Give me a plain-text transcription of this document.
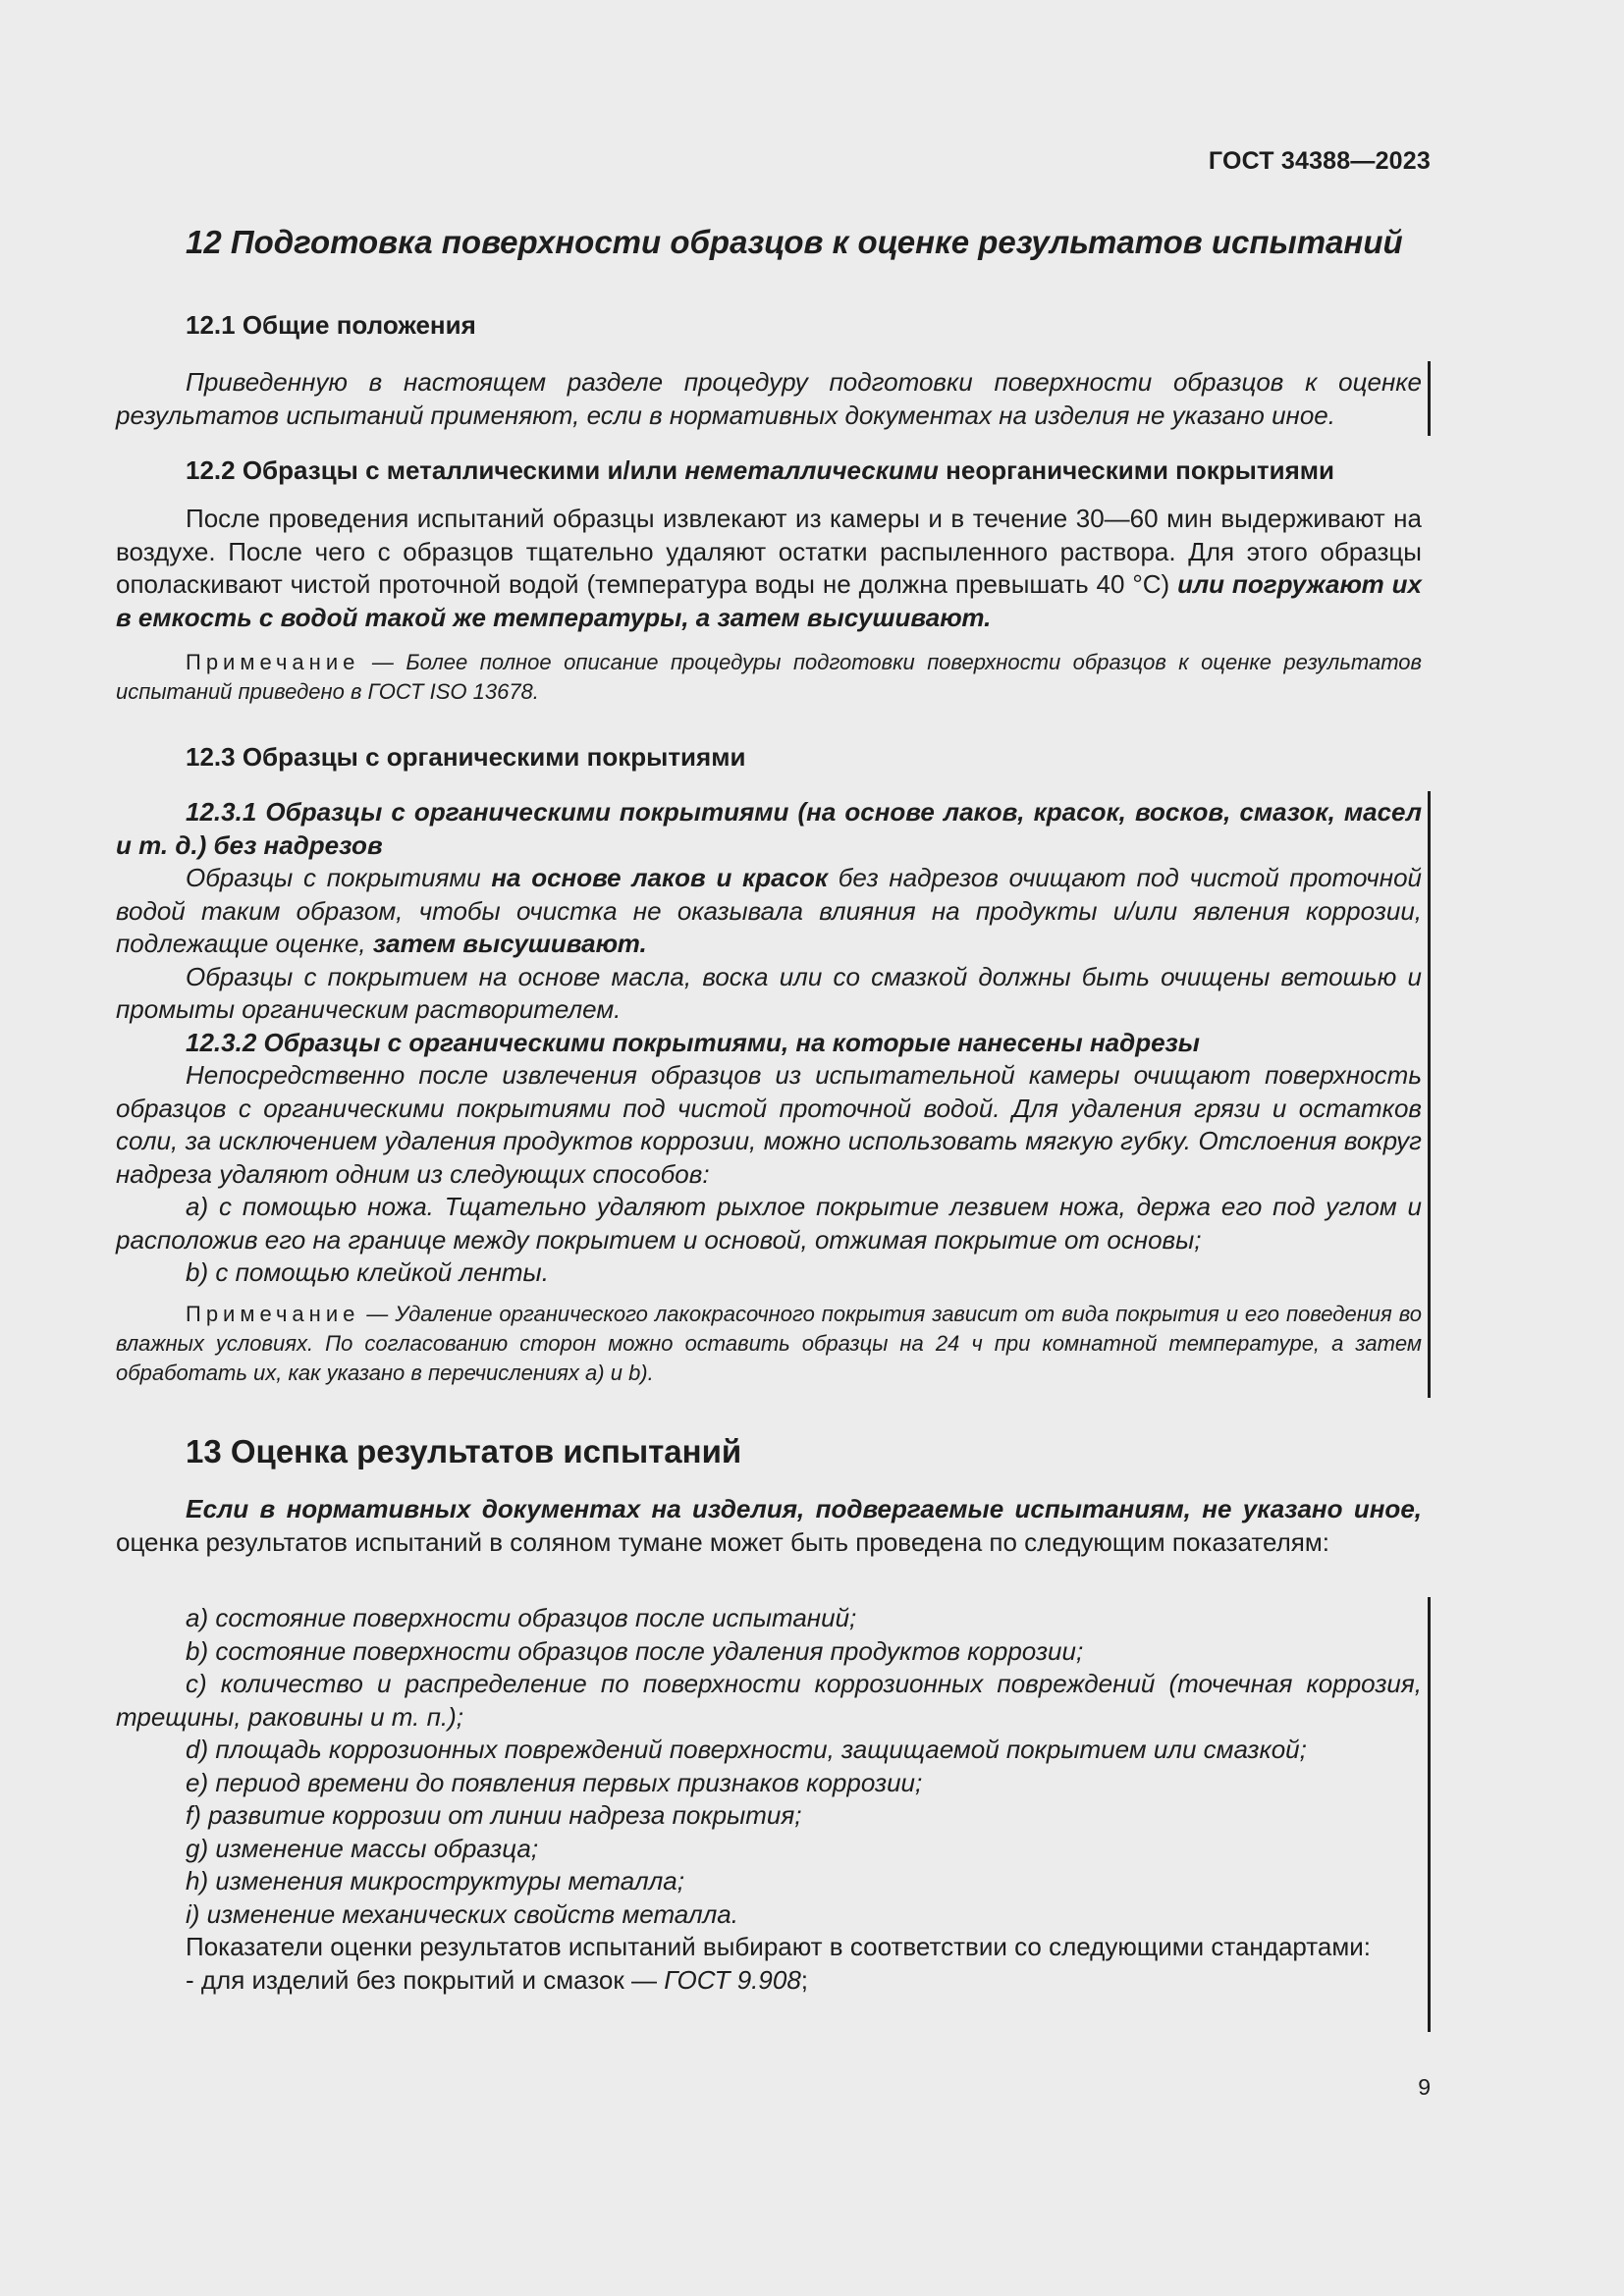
ГОСТ 34388—2023
12 Подготовка поверхности образцов к оценке результатов испытаний
12.1 Общие положения

Приведенную в настоящем разделе процедуру подготовки поверхности образцов к оценке результатов испытаний применяют, если в нормативных документах на изделия не указано иное.

12.2 Образцы с металлическими и/или неметаллическими неорганическими покрытиями

После проведения испытаний образцы извлекают из камеры и в течение 30—60 мин выдерживают на воздухе. После чего с образцов тщательно удаляют остатки распыленного раствора. Для этого образцы ополаскивают чистой проточной водой (температура воды не должна превышать 40 °С) или погружают их в емкость с водой такой же температуры, а затем высушивают.

Примечание — Более полное описание процедуры подготовки поверхности образцов к оценке результатов испытаний приведено в ГОСТ ISO 13678.

12.3 Образцы с органическими покрытиями

12.3.1 Образцы с органическими покрытиями (на основе лаков, красок, восков, смазок, масел и т. д.) без надрезов

Образцы с покрытиями на основе лаков и красок без надрезов очищают под чистой проточной водой таким образом, чтобы очистка не оказывала влияния на продукты и/или явления коррозии, подлежащие оценке, затем высушивают.

Образцы с покрытием на основе масла, воска или со смазкой должны быть очищены ветошью и промыты органическим растворителем.

12.3.2 Образцы с органическими покрытиями, на которые нанесены надрезы

Непосредственно после извлечения образцов из испытательной камеры очищают поверхность образцов с органическими покрытиями под чистой проточной водой. Для удаления грязи и остатков соли, за исключением удаления продуктов коррозии, можно использовать мягкую губку. Отслоения вокруг надреза удаляют одним из следующих способов:

a) с помощью ножа. Тщательно удаляют рыхлое покрытие лезвием ножа, держа его под углом и расположив его на границе между покрытием и основой, отжимая покрытие от основы;

b) с помощью клейкой ленты.

Примечание — Удаление органического лакокрасочного покрытия зависит от вида покрытия и его поведения во влажных условиях. По согласованию сторон можно оставить образцы на 24 ч при комнатной температуре, а затем обработать их, как указано в перечислениях a) и b).

13 Оценка результатов испытаний

Если в нормативных документах на изделия, подвергаемые испытаниям, не указано иное, оценка результатов испытаний в соляном тумане может быть проведена по следующим показателям:

a) состояние поверхности образцов после испытаний;

b) состояние поверхности образцов после удаления продуктов коррозии;

c) количество и распределение по поверхности коррозионных повреждений (точечная коррозия, трещины, раковины и т. п.);

d) площадь коррозионных повреждений поверхности, защищаемой покрытием или смазкой;

e) период времени до появления первых признаков коррозии;

f) развитие коррозии от линии надреза покрытия;

g) изменение массы образца;

h) изменения микроструктуры металла;

i) изменение механических свойств металла.

Показатели оценки результатов испытаний выбирают в соответствии со следующими стандартами:

- для изделий без покрытий и смазок — ГОСТ 9.908;

9
